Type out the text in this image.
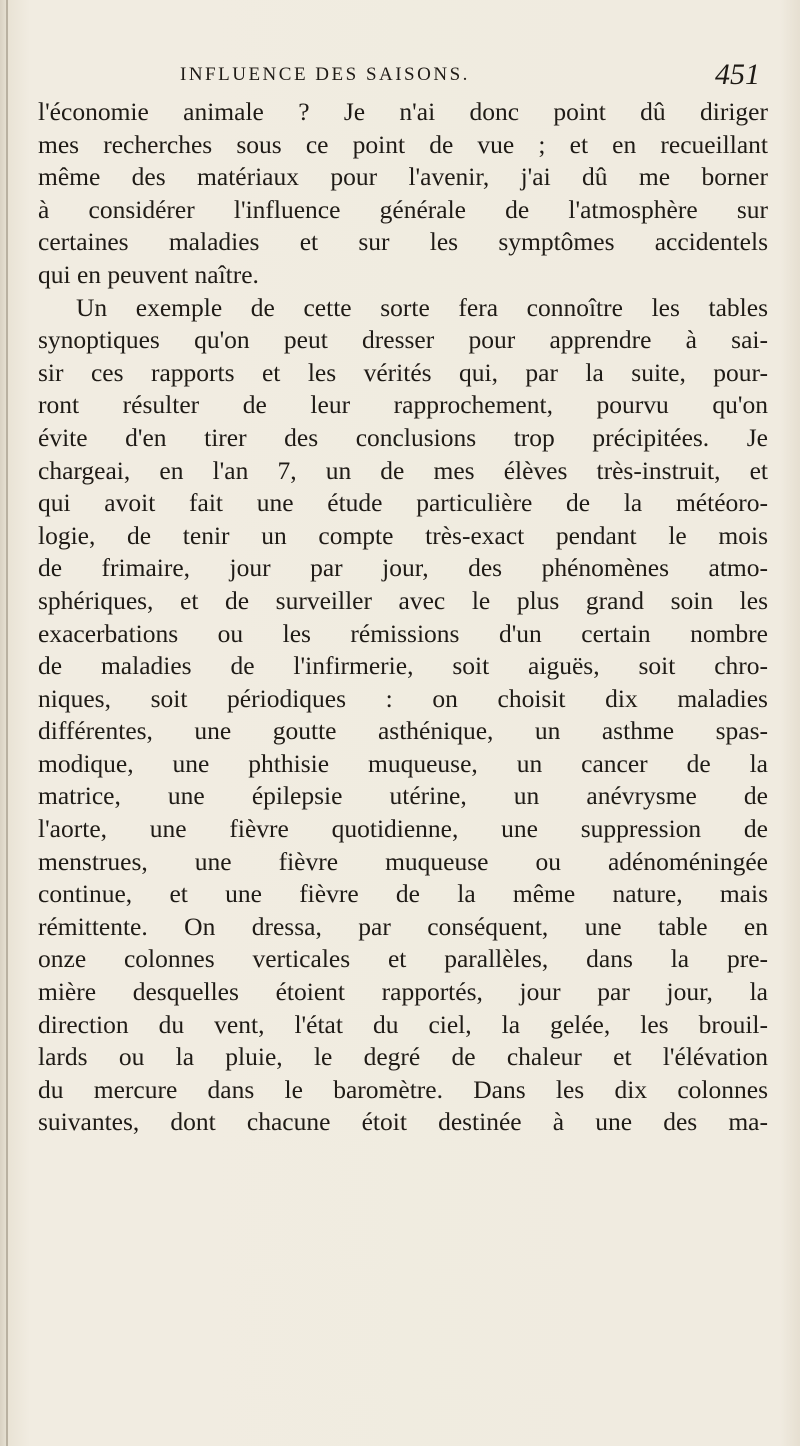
INFLUENCE DES SAISONS.	451
l'économie animale ? Je n'ai donc point dû diriger
mes recherches sous ce point de vue ; et en recueillant
même des matériaux pour l'avenir, j'ai dû me borner
à considérer l'influence générale de l'atmosphère sur
certaines maladies et sur les symptômes accidentels
qui en peuvent naître.
Un exemple de cette sorte fera connoître les tables
synoptiques qu'on peut dresser pour apprendre à sai-
sir ces rapports et les vérités qui, par la suite, pour-
ront résulter de leur rapprochement, pourvu qu'on
évite d'en tirer des conclusions trop précipitées. Je
chargeai, en l'an 7, un de mes élèves très-instruit, et
qui avoit fait une étude particulière de la météoro-
logie, de tenir un compte très-exact pendant le mois
de frimaire, jour par jour, des phénomènes atmo-
sphériques, et de surveiller avec le plus grand soin les
exacerbations ou les rémissions d'un certain nombre
de maladies de l'infirmerie, soit aiguës, soit chro-
niques, soit périodiques : on choisit dix maladies
différentes, une goutte asthénique, un asthme spas-
modique, une phthisie muqueuse, un cancer de la
matrice, une épilepsie utérine, un anévrysme de
l'aorte, une fièvre quotidienne, une suppression de
menstrues, une fièvre muqueuse ou adénoméningée
continue, et une fièvre de la même nature, mais
rémittente. On dressa, par conséquent, une table en
onze colonnes verticales et parallèles, dans la pre-
mière desquelles étoient rapportés, jour par jour, la
direction du vent, l'état du ciel, la gelée, les brouil-
lards ou la pluie, le degré de chaleur et l'élévation
du mercure dans le baromètre. Dans les dix colonnes
suivantes, dont chacune étoit destinée à une des ma-
